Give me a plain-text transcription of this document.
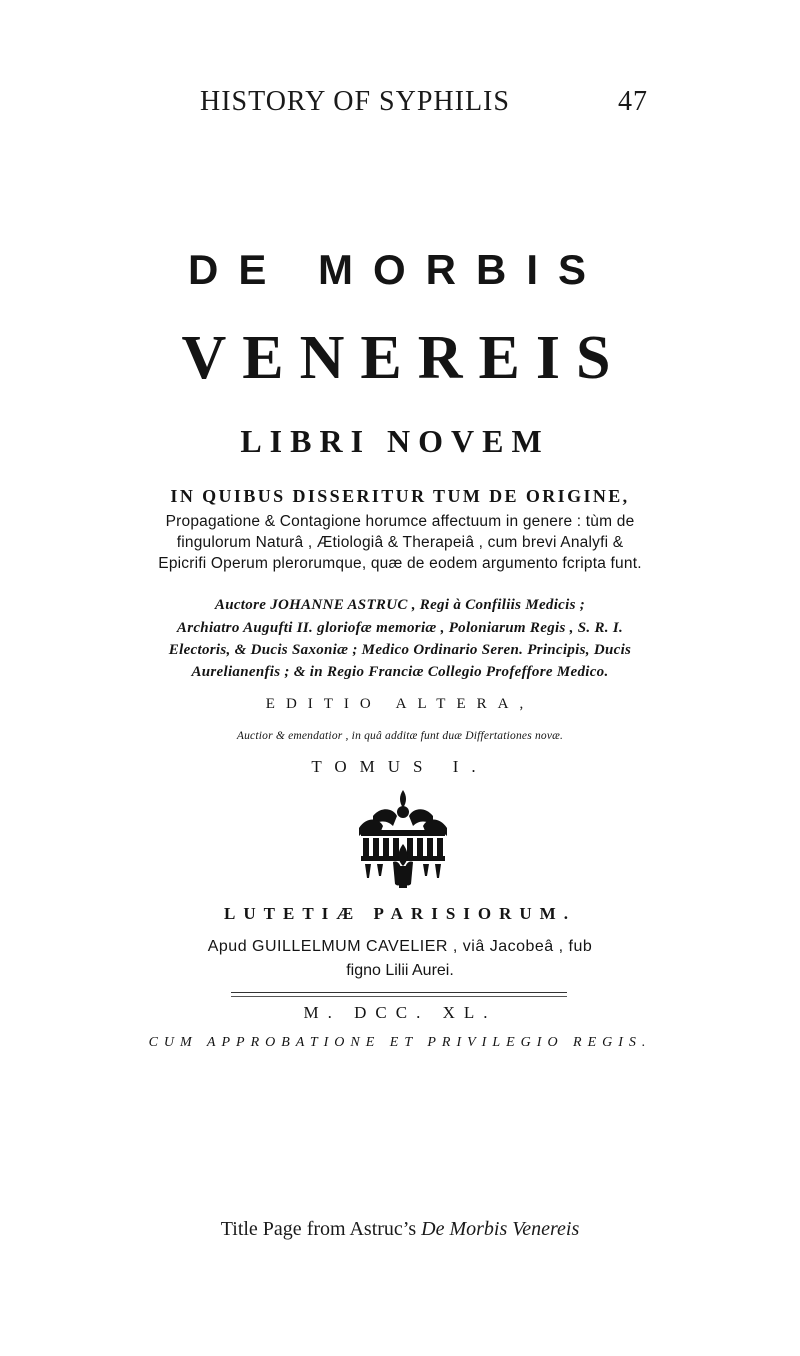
HISTORY OF SYPHILIS	47
DE MORBIS
VENEREIS
LIBRI NOVEM
IN QUIBUS DISSERITUR TUM DE ORIGINE,
Propagatione & Contagione horumce affectuum in genere : tùm de
fingulorum Naturâ , Ætiologiâ & Therapeiâ , cum brevi Analyfi &
Epicrifi Operum plerorumque, quæ de eodem argumento fcripta funt.
Auctore JOHANNE ASTRUC , Regi à Confiliis Medicis ;
Archiatro Augufti II. gloriofæ memoriæ , Poloniarum Regis , S. R. I.
Electoris, & Ducis Saxoniæ ; Medico Ordinario Seren. Principis, Ducis
Aurelianenfis ; & in Regio Franciæ Collegio Profeffore Medico.
EDITIO ALTERA,
Auctior & emendatior , in quâ additæ funt duæ Differtationes novæ.
TOMUS I.
LUTETIÆ PARISIORUM.
Apud GUILLELMUM CAVELIER , viâ Jacobeâ , fub
figno Lilii Aurei.
M. DCC. XL.
CUM APPROBATIONE ET PRIVILEGIO REGIS.
Title Page from Astruc’s De Morbis Venereis
